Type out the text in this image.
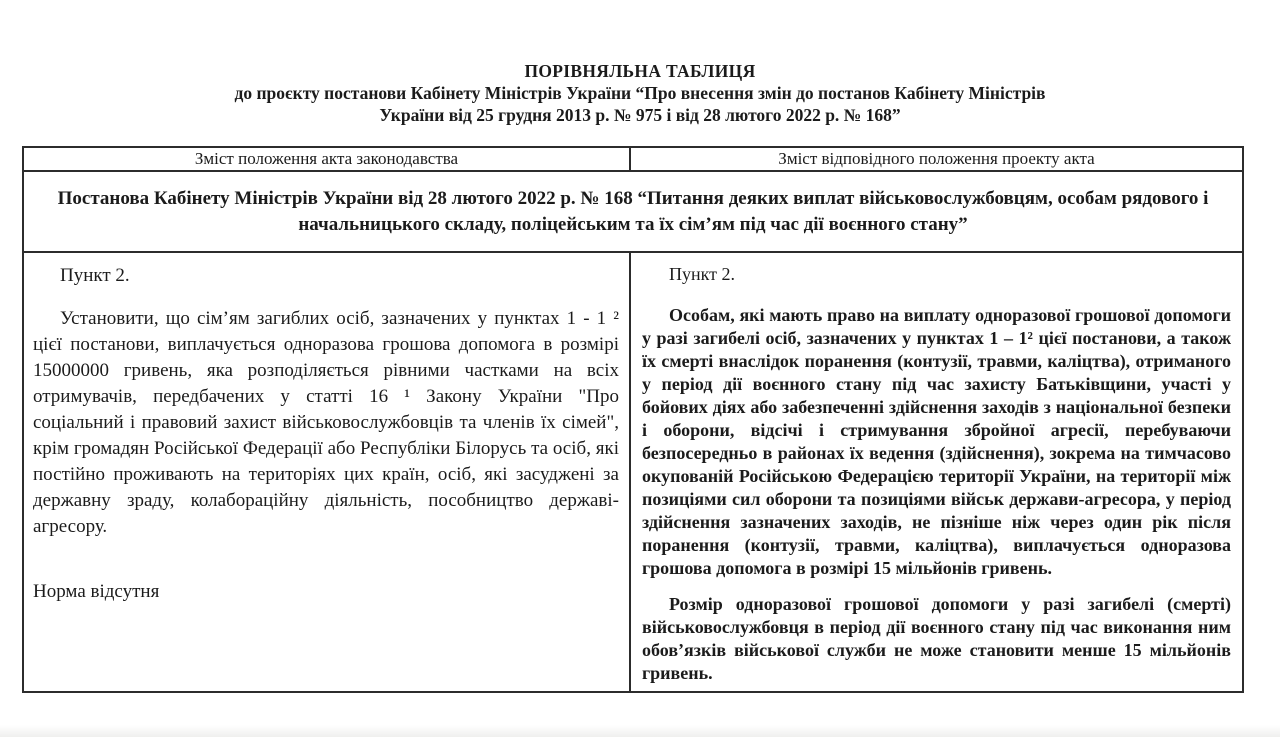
ПОРІВНЯЛЬНА ТАБЛИЦЯ
до проєкту постанови Кабінету Міністрів України “Про внесення змін до постанов Кабінету Міністрів
України від 25 грудня 2013 р. № 975 і від 28 лютого 2022 р. № 168”
Зміст положення акта законодавства	Зміст відповідного положення проекту акта
Постанова Кабінету Міністрів України від 28 лютого 2022 р. № 168 “Питання деяких виплат військовослужбовцям, особам рядового і начальницького складу, поліцейським та їх сім’ям під час дії воєнного стану”
Пункт 2.

Установити, що сім’ям загиблих осіб, зазначених у пунктах 1 - 1 ² цієї постанови, виплачується одноразова грошова допомога в розмірі 15000000 гривень, яка розподіляється рівними частками на всіх отримувачів, передбачених у статті 16 ¹ Закону України "Про соціальний і правовий захист військовослужбовців та членів їх сімей", крім громадян Російської Федерації або Республіки Білорусь та осіб, які постійно проживають на територіях цих країн, осіб, які засуджені за державну зраду, колабораційну діяльність, пособництво державі-агресору.

Норма відсутня
Пункт 2.

Особам, які мають право на виплату одноразової грошової допомоги у разі загибелі осіб, зазначених у пунктах 1 – 1² цієї постанови, а також їх смерті внаслідок поранення (контузії, травми, каліцтва), отриманого у період дії воєнного стану під час захисту Батьківщини, участі у бойових діях або забезпеченні здійснення заходів з національної безпеки і оборони, відсічі і стримування збройної агресії, перебуваючи безпосередньо в районах їх ведення (здійснення), зокрема на тимчасово окупованій Російською Федерацією території України, на території між позиціями сил оборони та позиціями військ держави-агресора, у період здійснення зазначених заходів, не пізніше ніж через один рік після поранення (контузії, травми, каліцтва), виплачується одноразова грошова допомога в розмірі 15 мільйонів гривень.

Розмір одноразової грошової допомоги у разі загибелі (смерті) військовослужбовця в період дії воєнного стану під час виконання ним обов’язків військової служби не може становити менше 15 мільйонів гривень.
